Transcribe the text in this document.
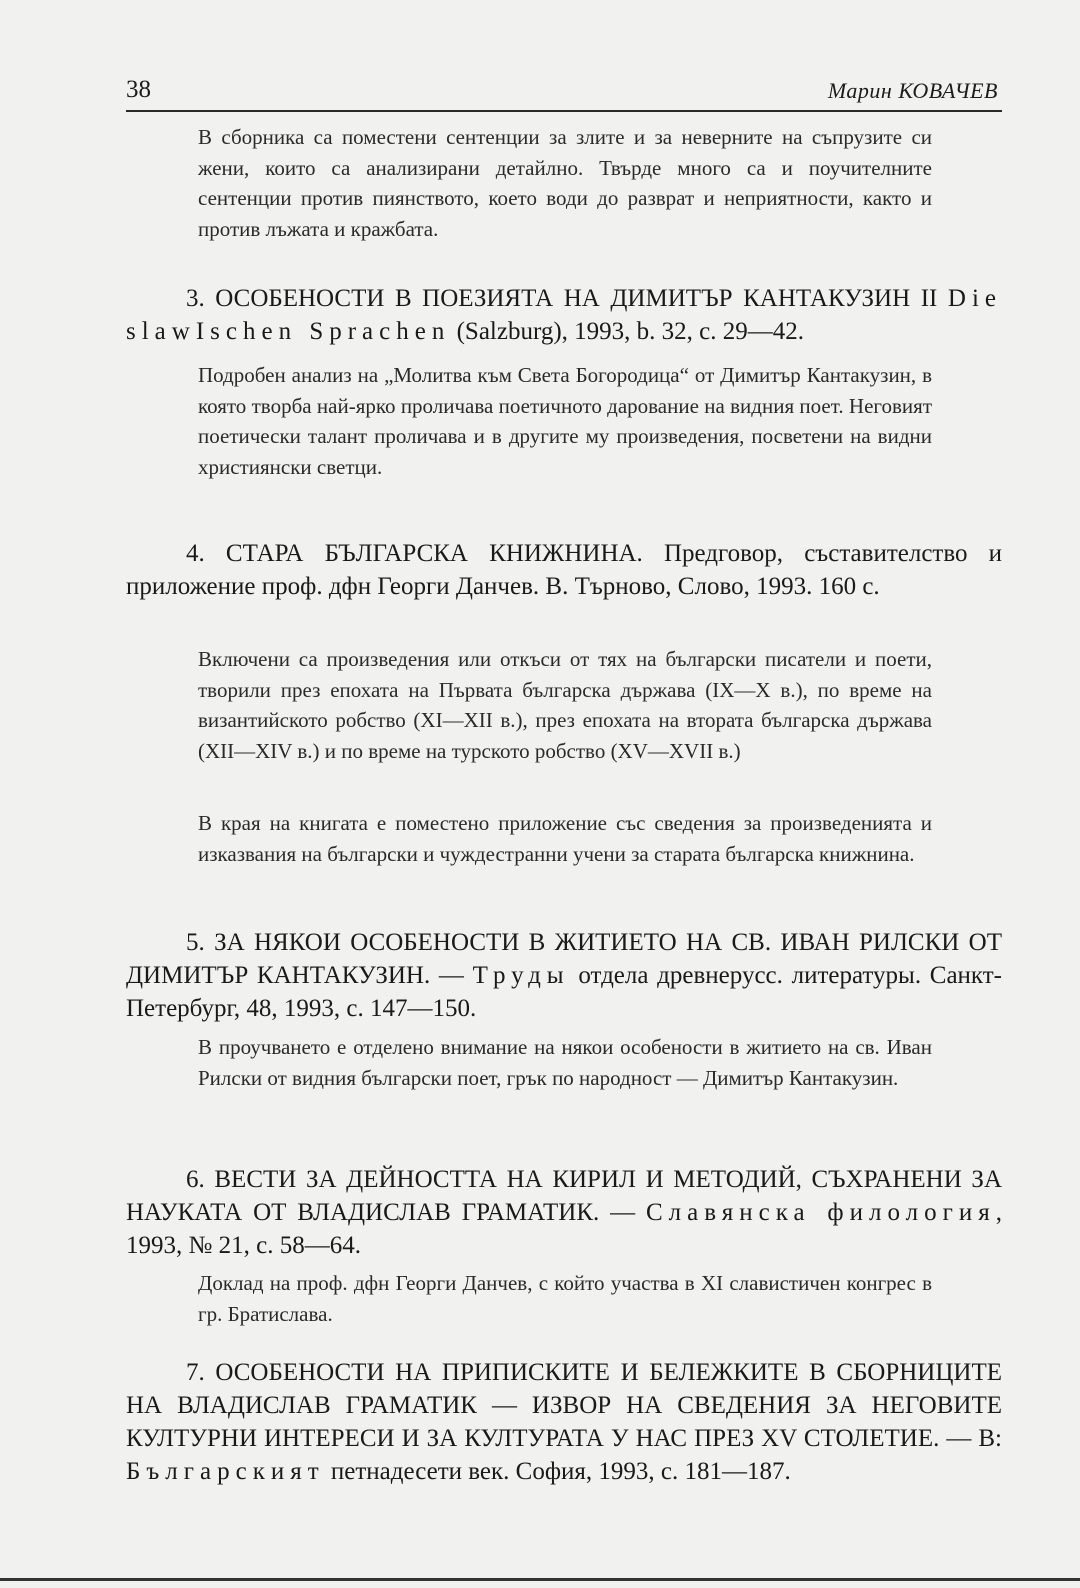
38	Марин КОВАЧЕВ

В сборника са поместени сентенции за злите и за неверните на съпрузите си жени, които са анализирани детайлно. Твърде много са и поучителните сентенции против пиянството, което води до разврат и неприятности, както и против лъжата и кражбата.

3. ОСОБЕНОСТИ В ПОЕЗИЯТА НА ДИМИТЪР КАНТАКУЗИН II Die slawIschen Sprachen (Salzburg), 1993, b. 32, с. 29—42.

Подробен анализ на „Молитва към Света Богородица“ от Димитър Кантакузин, в която творба най-ярко проличава поетичното дарование на видния поет. Неговият поетически талант проличава и в другите му произведения, посветени на видни християнски светци.

4. СТАРА БЪЛГАРСКА КНИЖНИНА. Предговор, съставителство и приложение проф. дфн Георги Данчев. В. Търново, Слово, 1993. 160 с.

Включени са произведения или откъси от тях на български писатели и поети, творили през епохата на Първата българска държава (IX—X в.), по време на византийското робство (XI—XII в.), през епохата на втората българска държава (XII—XIV в.) и по време на турското робство (XV—XVII в.)

В края на книгата е поместено приложение със сведения за произведенията и изказвания на български и чуждестранни учени за старата българска книжнина.

5. ЗА НЯКОИ ОСОБЕНОСТИ В ЖИТИЕТО НА СВ. ИВАН РИЛСКИ ОТ ДИМИТЪР КАНТАКУЗИН. — Труды отдела древнерусс. литературы. Санкт-Петербург, 48, 1993, с. 147—150.

В проучването е отделено внимание на някои особености в житието на св. Иван Рилски от видния български поет, грък по народност — Димитър Кантакузин.

6. ВЕСТИ ЗА ДЕЙНОСТТА НА КИРИЛ И МЕТОДИЙ, СЪХРАНЕНИ ЗА НАУКАТА ОТ ВЛАДИСЛАВ ГРАМАТИК. — Славянска филология, 1993, № 21, с. 58—64.

Доклад на проф. дфн Георги Данчев, с който участва в XI славистичен конгрес в гр. Братислава.

7. ОСОБЕНОСТИ НА ПРИПИСКИТЕ И БЕЛЕЖКИТЕ В СБОРНИЦИТЕ НА ВЛАДИСЛАВ ГРАМАТИК — ИЗВОР НА СВЕДЕНИЯ ЗА НЕГОВИТЕ КУЛТУРНИ ИНТЕРЕСИ И ЗА КУЛТУРАТА У НАС ПРЕЗ XV СТОЛЕТИЕ. — В: Българският петнадесети век. София, 1993, с. 181—187.
